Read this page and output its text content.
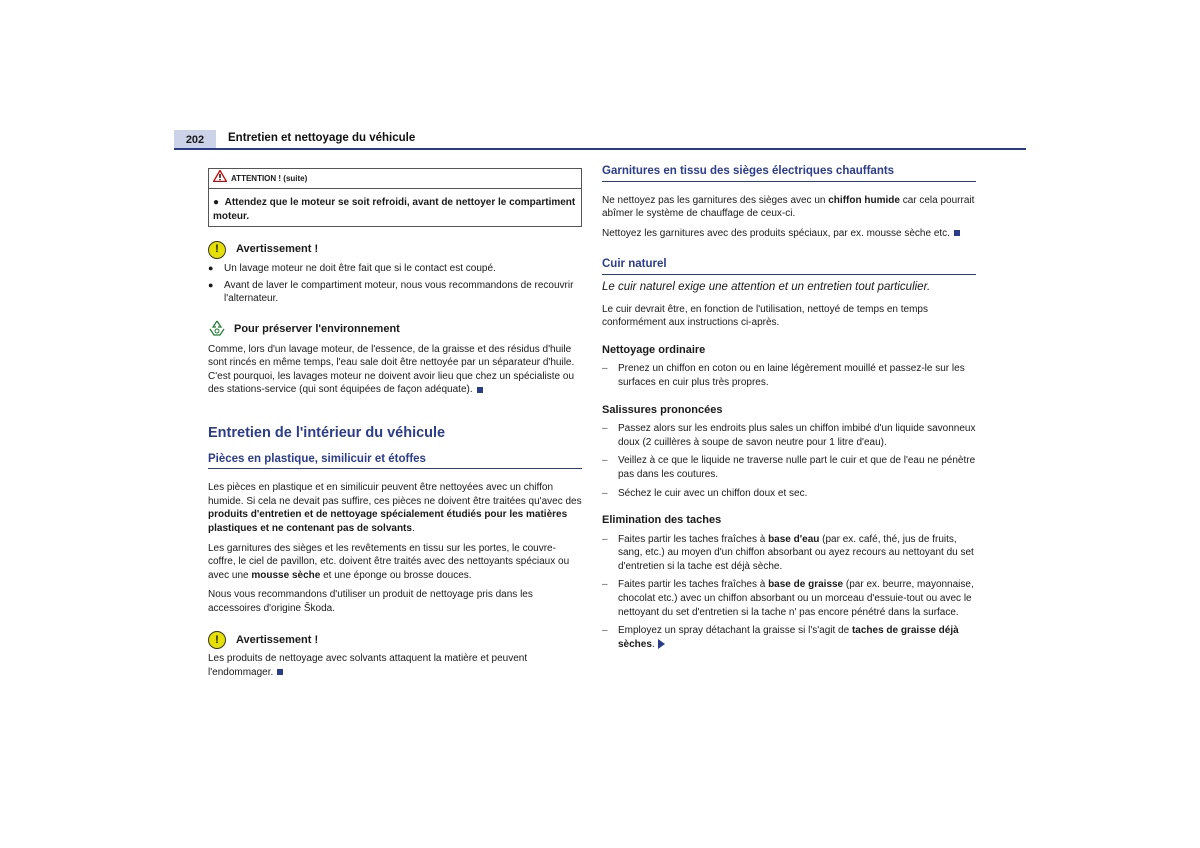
202	Entretien et nettoyage du véhicule
ATTENTION ! (suite)
●  Attendez que le moteur se soit refroidi, avant de nettoyer le compartiment moteur.
!	Avertissement !
●	Un lavage moteur ne doit être fait que si le contact est coupé.
●	Avant de laver le compartiment moteur, nous vous recommandons de recouvrir l'alternateur.
Pour préserver l'environnement

Comme, lors d'un lavage moteur, de l'essence, de la graisse et des résidus d'huile sont rincés en même temps, l'eau sale doit être nettoyée par un séparateur d'huile. C'est pourquoi, les lavages moteur ne doivent avoir lieu que chez un spécialiste ou des stations-service (qui sont équipées de façon adéquate).

Entretien de l'intérieur du véhicule
Pièces en plastique, similicuir et étoffes

Les pièces en plastique et en similicuir peuvent être nettoyées avec un chiffon humide. Si cela ne devait pas suffire, ces pièces ne doivent être traitées qu'avec des produits d'entretien et de nettoyage spécialement étudiés pour les matières plastiques et ne contenant pas de solvants.

Les garnitures des sièges et les revêtements en tissu sur les portes, le couvre-coffre, le ciel de pavillon, etc. doivent être traités avec des nettoyants spéciaux ou avec une mousse sèche et une éponge ou brosse douces.

Nous vous recommandons d'utiliser un produit de nettoyage pris dans les accessoires d'origine Škoda.

!	Avertissement !

Les produits de nettoyage avec solvants attaquent la matière et peuvent l'endommager.

Garnitures en tissu des sièges électriques chauffants

Ne nettoyez pas les garnitures des sièges avec un chiffon humide car cela pourrait abîmer le système de chauffage de ceux-ci.

Nettoyez les garnitures avec des produits spéciaux, par ex. mousse sèche etc.

Cuir naturel
Le cuir naturel exige une attention et un entretien tout particulier.

Le cuir devrait être, en fonction de l'utilisation, nettoyé de temps en temps conformément aux instructions ci-après.

Nettoyage ordinaire
–	Prenez un chiffon en coton ou en laine légèrement mouillé et passez-le sur les surfaces en cuir plus très propres.
Salissures prononcées
–	Passez alors sur les endroits plus sales un chiffon imbibé d'un liquide savonneux doux (2 cuillères à soupe de savon neutre pour 1 litre d'eau).
–	Veillez à ce que le liquide ne traverse nulle part le cuir et que de l'eau ne pénètre pas dans les coutures.
–	Séchez le cuir avec un chiffon doux et sec.
Elimination des taches
–	Faites partir les taches fraîches à base d'eau (par ex. café, thé, jus de fruits, sang, etc.) au moyen d'un chiffon absorbant ou ayez recours au nettoyant du set d'entretien si la tache est déjà sèche.
–	Faites partir les taches fraîches à base de graisse (par ex. beurre, mayonnaise, chocolat etc.) avec un chiffon absorbant ou un morceau d'essuie-tout ou avec le nettoyant du set d'entretien si la tache n' pas encore pénétré dans la surface.
–	Employez un spray détachant la graisse si l's'agit de taches de graisse déjà sèches.
